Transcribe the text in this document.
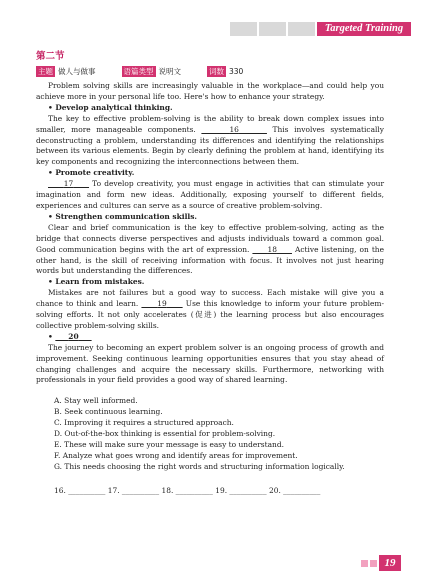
Targeted Training
第二节
主题 做人与做事	语篇类型 说明文	词数 330

Problem solving skills are increasingly valuable in the workplace—and could help you achieve more in your personal life too. Here's how to enhance your strategy.

• Develop analytical thinking.

The key to effective problem-solving is the ability to break down complex issues into smaller, more manageable components.	16	This involves systematically deconstructing a problem, understanding its differences and identifying the relationships between its various elements. Begin by clearly defining the problem at hand, identifying its key components and recognizing the interconnections between them.

• Promote creativity.

17      To develop creativity, you must engage in activities that can stimulate your imagination and form new ideas. Additionally, exposing yourself to different fields, experiences and cultures can serve as a source of creative problem-solving.

• Strengthen communication skills.

Clear and brief communication is the key to effective problem-solving, acting as the bridge that connects diverse perspectives and adjusts individuals toward a common goal. Good communication begins with the art of expression.      18      Active listening, on the other hand, is the skill of receiving information with focus. It involves not just hearing words but understanding the differences.

• Learn from mistakes.

Mistakes are not failures but a good way to success. Each mistake will give you a chance to think and learn.      19      Use this knowledge to inform your future problem-solving efforts. It not only accelerates (促进) the learning process but also encourages collective problem-solving skills.

•      20

The journey to becoming an expert problem solver is an ongoing process of growth and improvement. Seeking continuous learning opportunities ensures that you stay ahead of changing challenges and acquire the necessary skills. Furthermore, networking with professionals in your field provides a good way of shared learning.

A. Stay well informed.
B. Seek continuous learning.
C. Improving it requires a structured approach.
D. Out-of-the-box thinking is essential for problem-solving.
E. These will make sure your message is easy to understand.
F. Analyze what goes wrong and identify areas for improvement.
G. This needs choosing the right words and structuring information logically.
16. __________ 17. __________ 18. __________ 19. __________ 20. __________
19
